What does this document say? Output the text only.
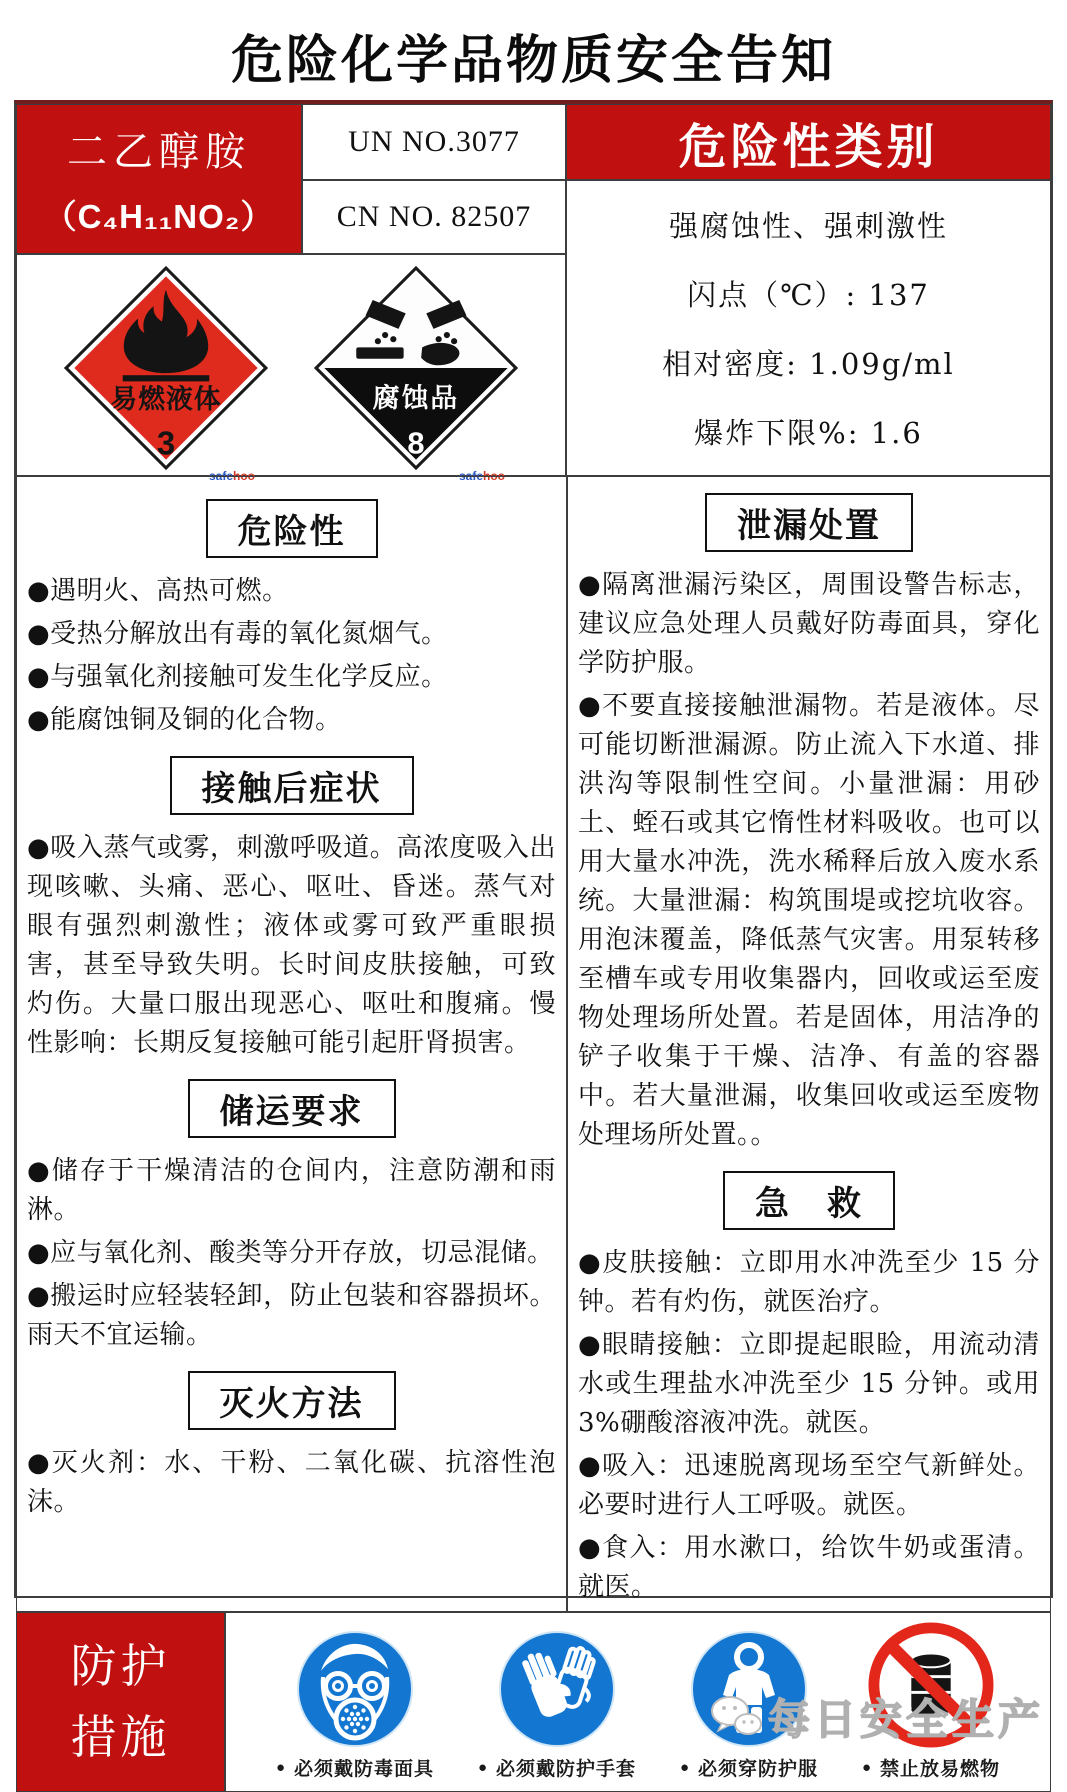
危险化学品物质安全告知
二乙醇胺
（C₄H₁₁NO₂）
UN NO.3077	危险性类别
CN NO. 82507	强腐蚀性、强刺激性

闪点（℃）: 137

相对密度: 1.09g/ml

爆炸下限%: 1.6

易燃液体
3
safehoo
腐蚀品
8
safehoo
危险性

●遇明火、高热可燃。

●受热分解放出有毒的氧化氮烟气。

●与强氧化剂接触可发生化学反应。

●能腐蚀铜及铜的化合物。

接触后症状

●吸入蒸气或雾，刺激呼吸道。高浓度吸入出现咳嗽、头痛、恶心、呕吐、昏迷。蒸气对眼有强烈刺激性；液体或雾可致严重眼损害，甚至导致失明。长时间皮肤接触，可致灼伤。大量口服出现恶心、呕吐和腹痛。慢性影响：长期反复接触可能引起肝肾损害。

储运要求

●储存于干燥清洁的仓间内，注意防潮和雨淋。

●应与氧化剂、酸类等分开存放，切忌混储。

●搬运时应轻装轻卸，防止包装和容器损坏。雨天不宜运输。

灭火方法

●灭火剂：水、干粉、二氧化碳、抗溶性泡沫。

泄漏处置

●隔离泄漏污染区，周围设警告标志，建议应急处理人员戴好防毒面具，穿化学防护服。

●不要直接接触泄漏物。若是液体。尽可能切断泄漏源。防止流入下水道、排洪沟等限制性空间。小量泄漏：用砂土、蛭石或其它惰性材料吸收。也可以用大量水冲洗，洗水稀释后放入废水系统。大量泄漏：构筑围堤或挖坑收容。用泡沫覆盖，降低蒸气灾害。用泵转移至槽车或专用收集器内，回收或运至废物处理场所处置。若是固体，用洁净的铲子收集于干燥、洁净、有盖的容器中。若大量泄漏，收集回收或运至废物处理场所处置。。

急　救

●皮肤接触：立即用水冲洗至少 15 分钟。若有灼伤，就医治疗。

●眼睛接触：立即提起眼睑，用流动清水或生理盐水冲洗至少 15 分钟。或用 3%硼酸溶液冲洗。就医。

●吸入：迅速脱离现场至空气新鲜处。必要时进行人工呼吸。就医。

●食入：用水漱口，给饮牛奶或蛋清。就医。

防护
措施
● 必须戴防毒面具	● 必须戴防护手套	● 必须穿防护服	● 禁止放易燃物
每日安全生产
